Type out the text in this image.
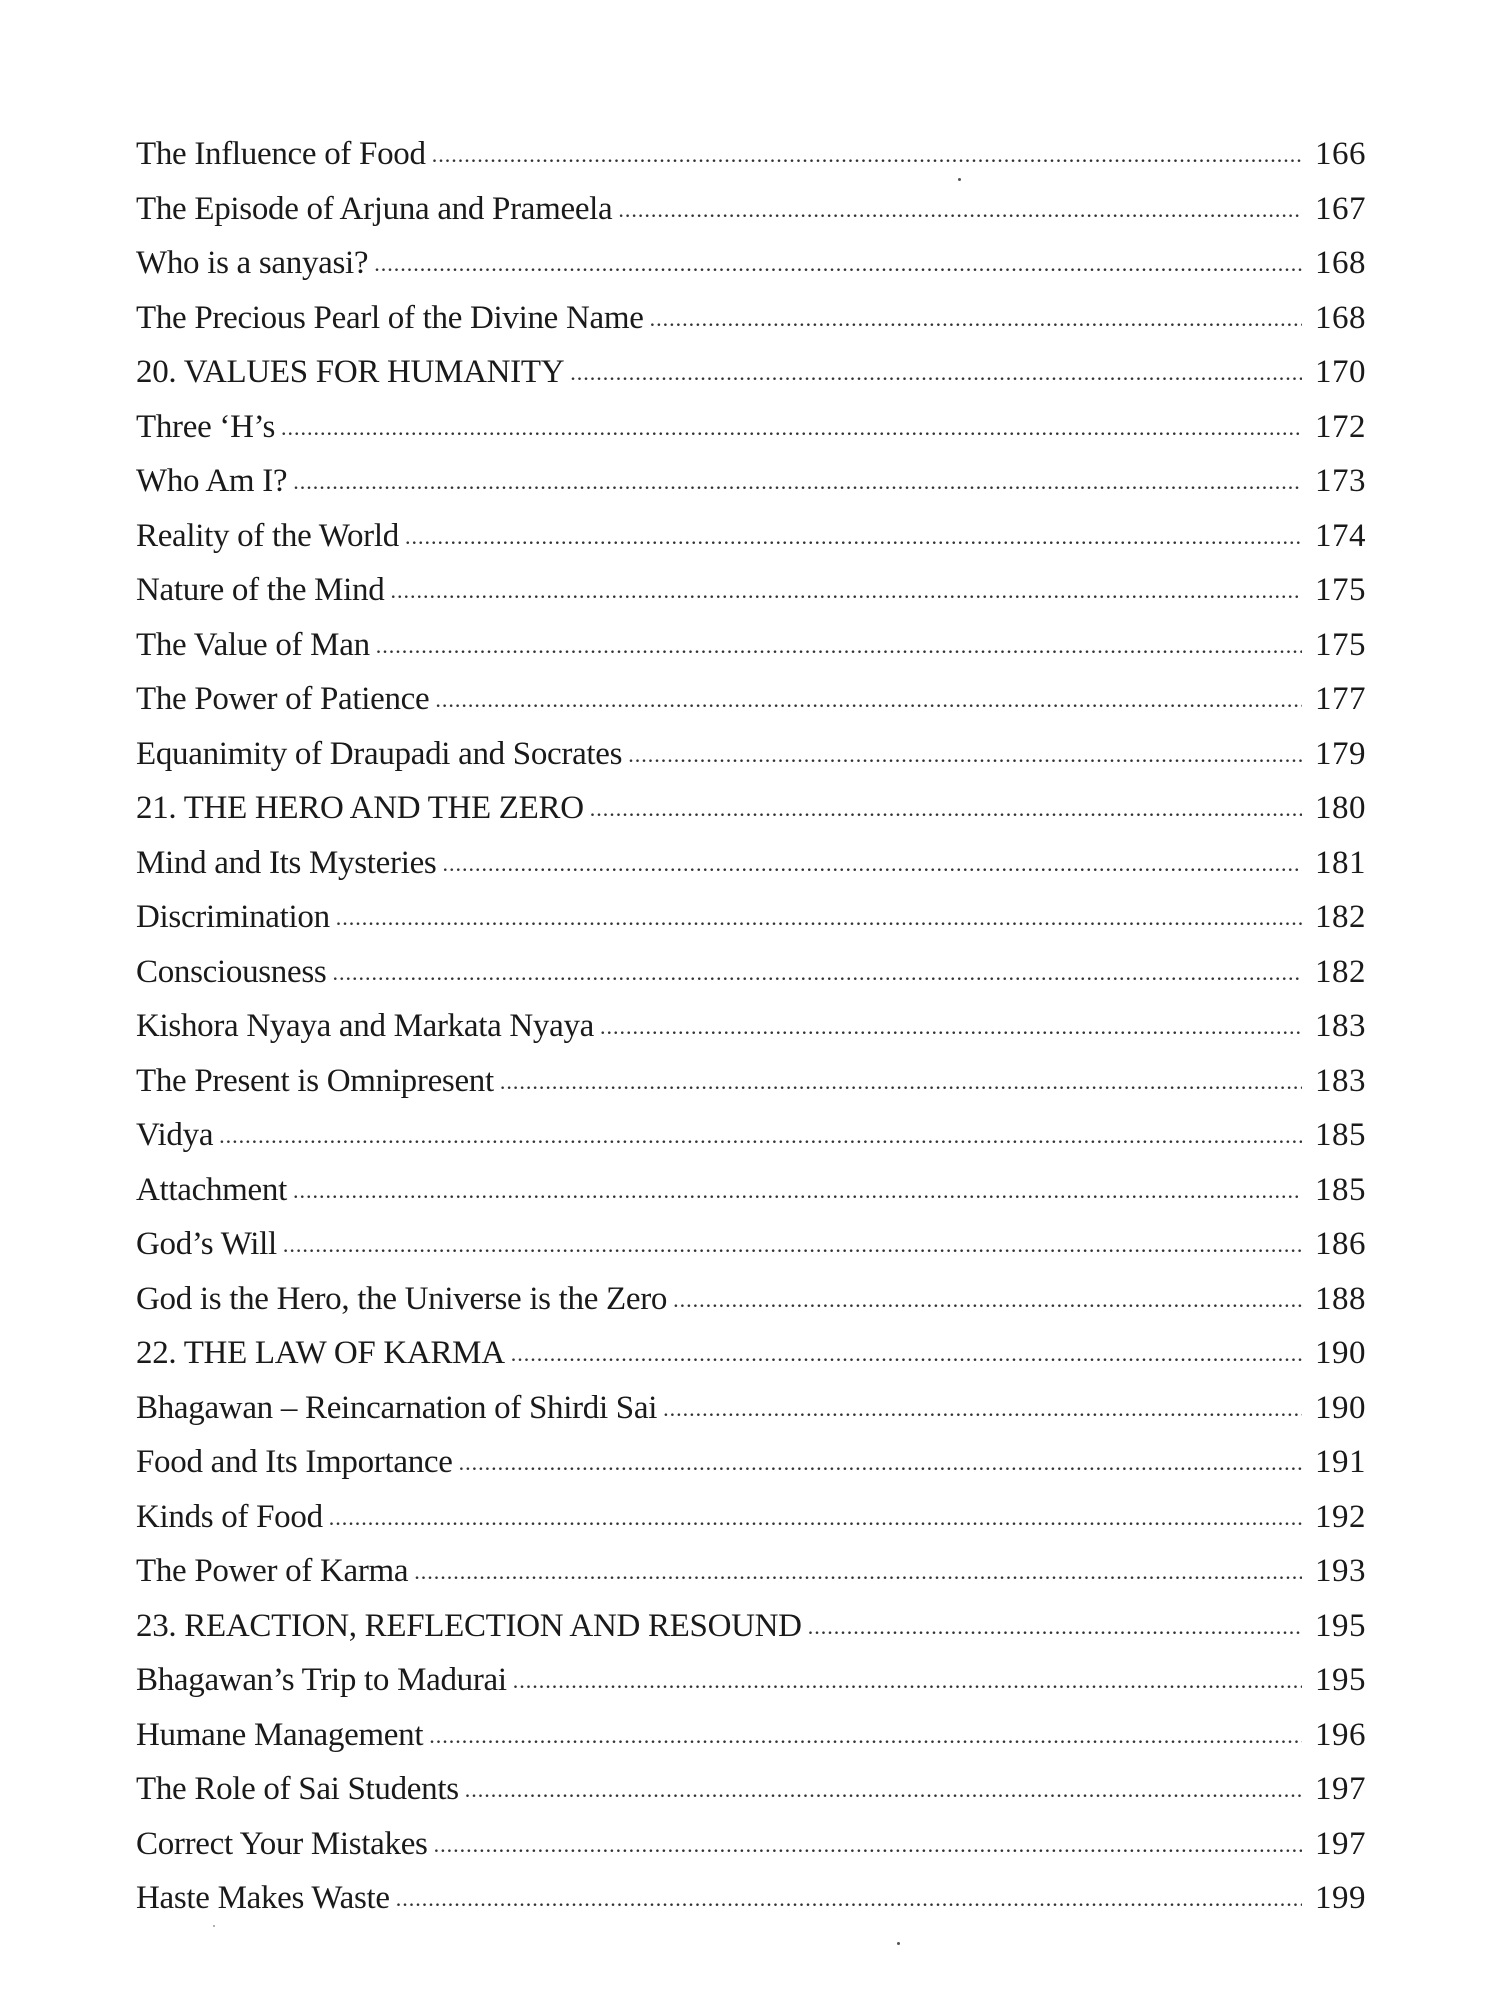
The Influence of Food .....	166
The Episode of Arjuna and Prameela .....	167
Who is a sanyasi? .....	168
The Precious Pearl of the Divine Name .....	168
20. VALUES FOR HUMANITY .....	170
Three ‘H’s .....	172
Who Am I? .....	173
Reality of the World .....	174
Nature of the Mind .....	175
The Value of Man .....	175
The Power of Patience .....	177
Equanimity of Draupadi and Socrates .....	179
21. THE HERO AND THE ZERO .....	180
Mind and Its Mysteries .....	181
Discrimination .....	182
Consciousness .....	182
Kishora Nyaya and Markata Nyaya .....	183
The Present is Omnipresent .....	183
Vidya .....	185
Attachment .....	185
God’s Will .....	186
God is the Hero, the Universe is the Zero .....	188
22. THE LAW OF KARMA .....	190
Bhagawan – Reincarnation of Shirdi Sai .....	190
Food and Its Importance .....	191
Kinds of Food .....	192
The Power of Karma .....	193
23. REACTION, REFLECTION AND RESOUND .....	195
Bhagawan’s Trip to Madurai .....	195
Humane Management .....	196
The Role of Sai Students .....	197
Correct Your Mistakes .....	197
Haste Makes Waste .....	199
